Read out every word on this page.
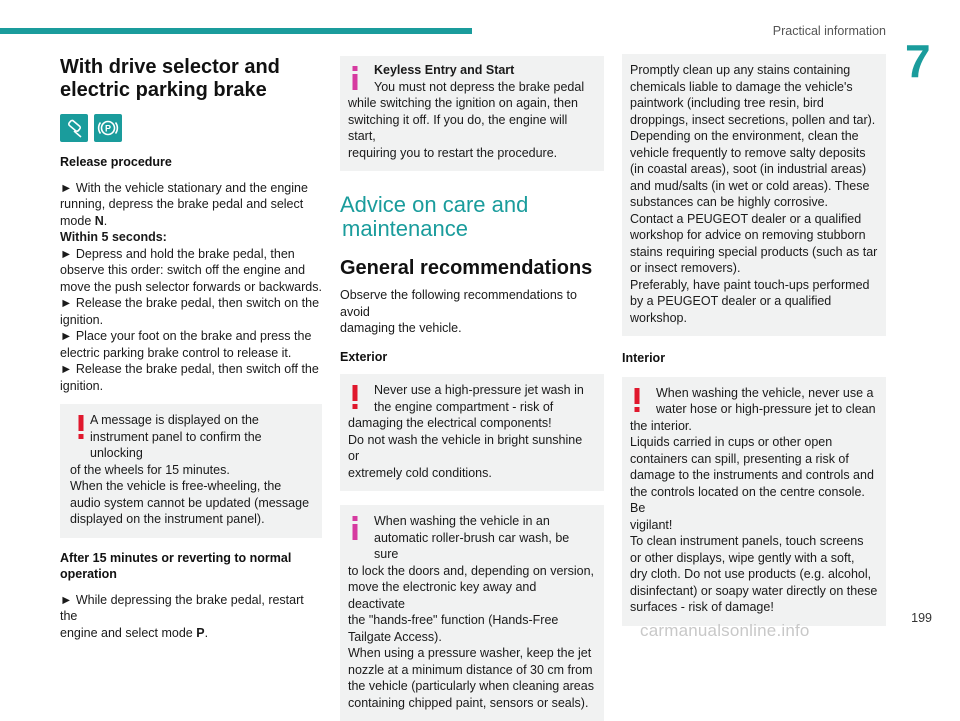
Practical information
7
With drive selector and
electric parking brake
P
Release procedure
► With the vehicle stationary and the engine
running, depress the brake pedal and select
mode N.
Within 5 seconds:
► Depress and hold the brake pedal, then
observe this order: switch off the engine and
move the push selector forwards or backwards.
► Release the brake pedal, then switch on the
ignition.
► Place your foot on the brake and press the
electric parking brake control to release it.
► Release the brake pedal, then switch off the
ignition.
A message is displayed on the
instrument panel to confirm the unlocking
of the wheels for 15 minutes.
When the vehicle is free-wheeling, the
audio system cannot be updated (message
displayed on the instrument panel).
After 15 minutes or reverting to normal
operation
► While depressing the brake pedal, restart the
engine and select mode P.
Keyless Entry and Start
You must not depress the brake pedal
while switching the ignition on again, then
switching it off. If you do, the engine will start,
requiring you to restart the procedure.
Advice on care and
maintenance
General recommendations
Observe the following recommendations to avoid
damaging the vehicle.
Exterior
Never use a high-pressure jet wash in
the engine compartment - risk of
damaging the electrical components!
Do not wash the vehicle in bright sunshine or
extremely cold conditions.
When washing the vehicle in an
automatic roller-brush car wash, be sure
to lock the doors and, depending on version,
move the electronic key away and deactivate
the "hands-free" function (Hands-Free
Tailgate Access).
When using a pressure washer, keep the jet
nozzle at a minimum distance of 30 cm from
the vehicle (particularly when cleaning areas
containing chipped paint, sensors or seals).
Promptly clean up any stains containing
chemicals liable to damage the vehicle's
paintwork (including tree resin, bird
droppings, insect secretions, pollen and tar).
Depending on the environment, clean the
vehicle frequently to remove salty deposits
(in coastal areas), soot (in industrial areas)
and mud/salts (in wet or cold areas). These
substances can be highly corrosive.
Contact a PEUGEOT dealer or a qualified
workshop for advice on removing stubborn
stains requiring special products (such as tar
or insect removers).
Preferably, have paint touch-ups performed
by a PEUGEOT dealer or a qualified
workshop.
Interior
When washing the vehicle, never use a
water hose or high-pressure jet to clean
the interior.
Liquids carried in cups or other open
containers can spill, presenting a risk of
damage to the instruments and controls and
the controls located on the centre console. Be
vigilant!
To clean instrument panels, touch screens
or other displays, wipe gently with a soft,
dry cloth. Do not use products (e.g. alcohol,
disinfectant) or soapy water directly on these
surfaces - risk of damage!
199
carmanualsonline.info
